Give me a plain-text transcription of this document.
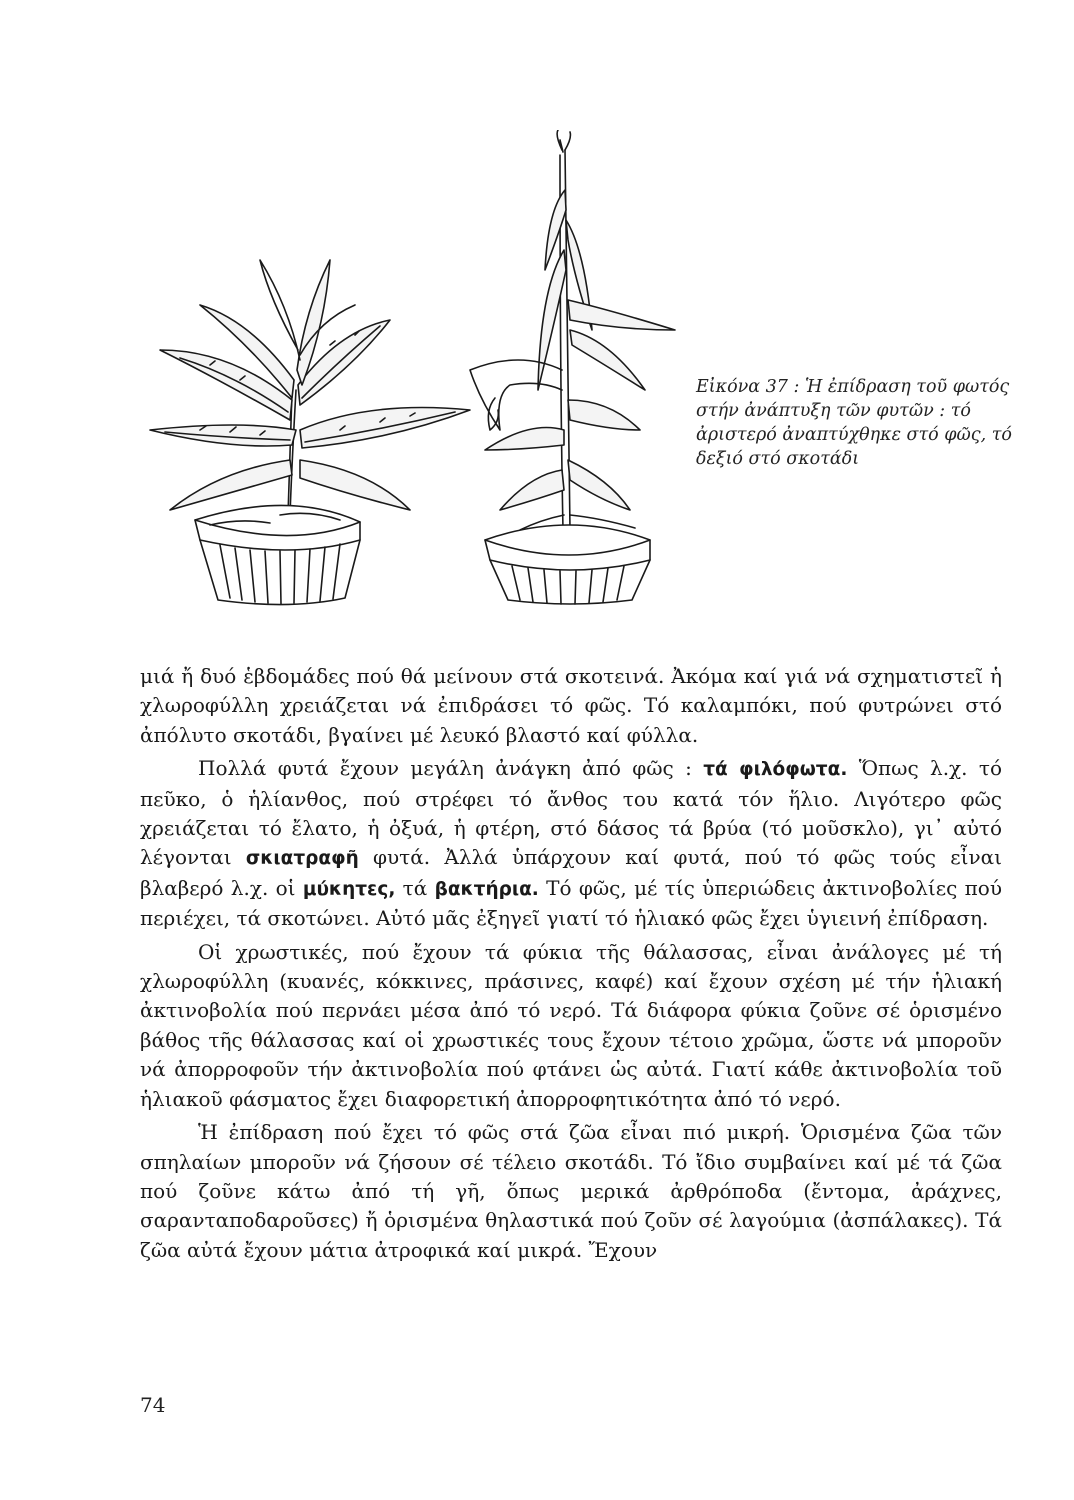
Εἰκόνα 37 : Ἡ ἐπίδραση τοῦ φωτός στήν ἀνάπτυξη τῶν φυτῶν : τό ἀριστερό ἀναπτύχθηκε στό φῶς, τό δεξιό στό σκοτάδι

μιά ἤ δυό ἑβδομάδες πού θά μείνουν στά σκοτεινά. Ἀκόμα καί γιά νά σχηματιστεῖ ἡ χλωροφύλλη χρειάζεται νά ἐπιδράσει τό φῶς. Τό καλαμπόκι, πού φυτρώνει στό ἀπόλυτο σκοτάδι, βγαίνει μέ λευκό βλαστό καί φύλλα.

Πολλά φυτά ἔχουν μεγάλη ἀνάγκη ἀπό φῶς : τά φιλόφωτα. Ὅπως λ.χ. τό πεῦκο, ὁ ἡλίανθος, πού στρέφει τό ἄνθος του κατά τόν ἥλιο. Λιγότερο φῶς χρειάζεται τό ἔλατο, ἡ ὀξυά, ἡ φτέρη, στό δάσος τά βρύα (τό μοῦσκλο), γι᾽ αὐτό λέγονται σκιατραφῆ φυτά. Ἀλλά ὑπάρχουν καί φυτά, πού τό φῶς τούς εἶναι βλαβερό λ.χ. οἱ μύκητες, τά βακτήρια. Τό φῶς, μέ τίς ὑπεριώδεις ἀκτινοβολίες πού περιέχει, τά σκοτώνει. Αὐτό μᾶς ἐξηγεῖ γιατί τό ἡλιακό φῶς ἔχει ὑγιεινή ἐπίδραση.

Οἱ χρωστικές, πού ἔχουν τά φύκια τῆς θάλασσας, εἶναι ἀνάλογες μέ τή χλωροφύλλη (κυανές, κόκκινες, πράσινες, καφέ) καί ἔχουν σχέση μέ τήν ἡλιακή ἀκτινοβολία πού περνάει μέσα ἀπό τό νερό. Τά διάφορα φύκια ζοῦνε σέ ὁρισμένο βάθος τῆς θάλασσας καί οἱ χρωστικές τους ἔχουν τέτοιο χρῶμα, ὥστε νά μποροῦν νά ἀπορροφοῦν τήν ἀκτινοβολία πού φτάνει ὡς αὐτά. Γιατί κάθε ἀκτινοβολία τοῦ ἡλιακοῦ φάσματος ἔχει διαφορετική ἀπορροφητικότητα ἀπό τό νερό.

Ἡ ἐπίδραση πού ἔχει τό φῶς στά ζῶα εἶναι πιό μικρή. Ὁρισμένα ζῶα τῶν σπηλαίων μποροῦν νά ζήσουν σέ τέλειο σκοτάδι. Τό ἴδιο συμβαίνει καί μέ τά ζῶα πού ζοῦνε κάτω ἀπό τή γῆ, ὅπως μερικά ἀρθρόποδα (ἔντομα, ἀράχνες, σαρανταποδαροῦσες) ἤ ὁρισμένα θηλαστικά πού ζοῦν σέ λαγούμια (ἀσπάλακες). Τά ζῶα αὐτά ἔχουν μάτια ἀτροφικά καί μικρά. Ἔχουν

74
